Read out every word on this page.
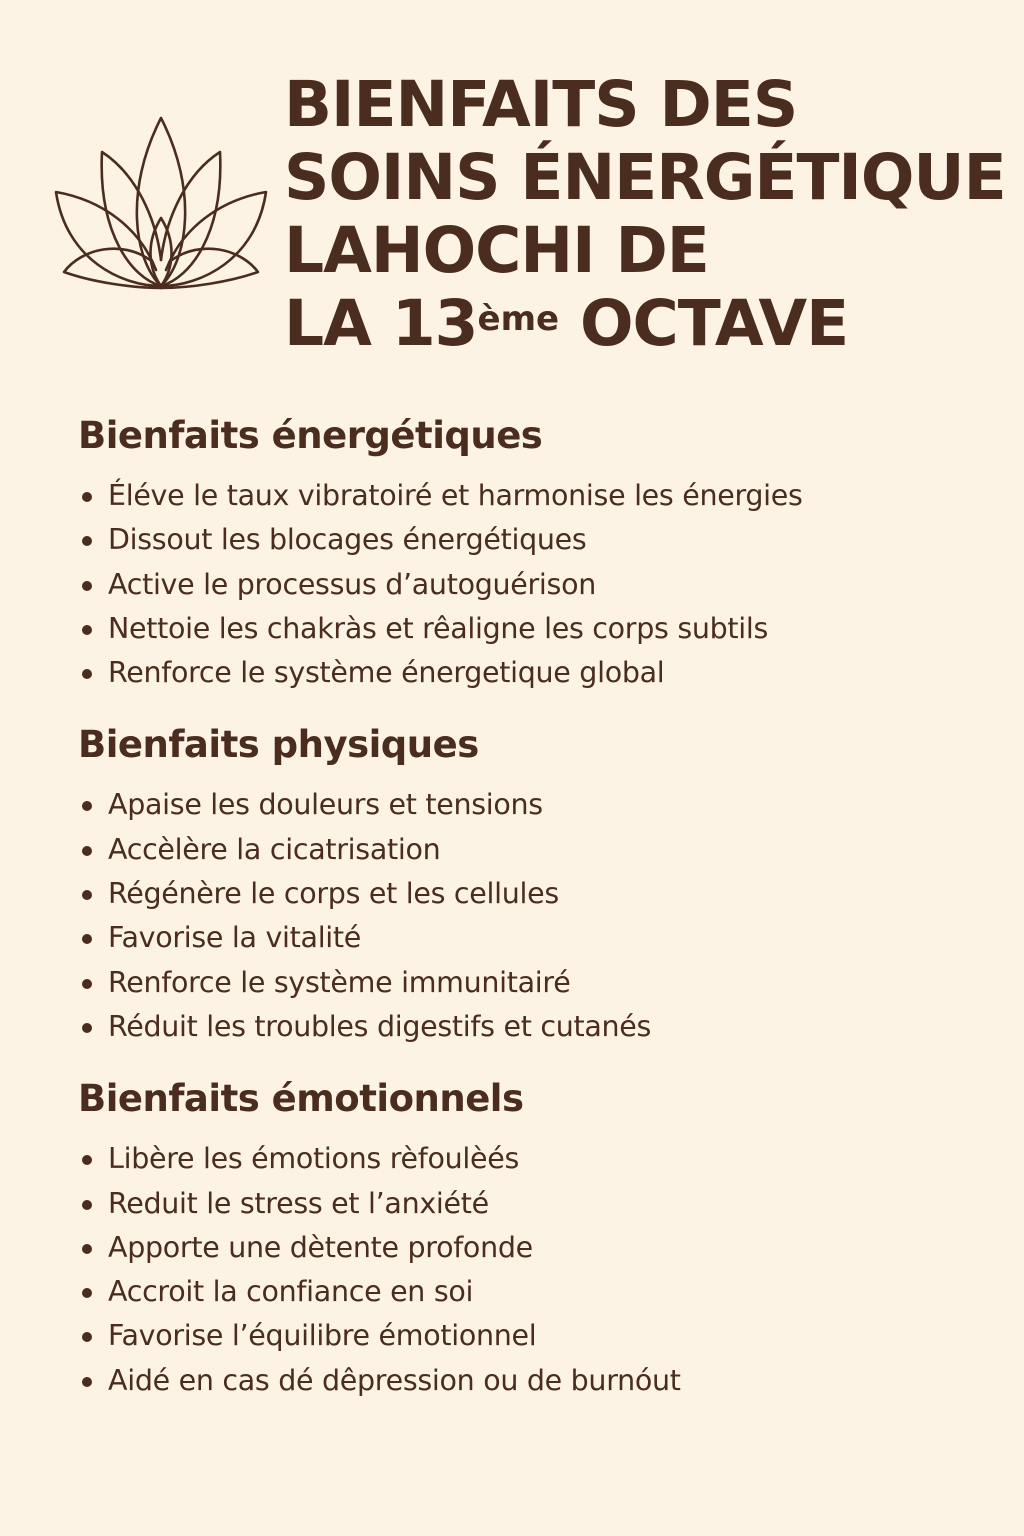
BIENFAITS DES
SOINS ÉNERGÉTIQUE
LAHOCHI DE
LA 13ème OCTAVE
Bienfaits énergétiques
Éléve le taux vibratoiré et harmonise les énergies
Dissout les blocages énergétiques
Active le processus d’autoguérison
Nettoie les chakràs et rêaligne les corps subtils
Renforce le système énergetique global
Bienfaits physiques
Apaise les douleurs et tensions
Accèlère la cicatrisation
Régénère le corps et les cellules
Favorise la vitalité
Renforce le système immunitairé
Réduit les troubles digestifs et cutanés
Bienfaits émotionnels
Libère les émotions rèfoulèés
Reduit le stress et l’anxiété
Apporte une dètente profonde
Accroit la confiance en soi
Favorise l’équilibre émotionnel
Aidé en cas dé dêpression ou de burnóut
